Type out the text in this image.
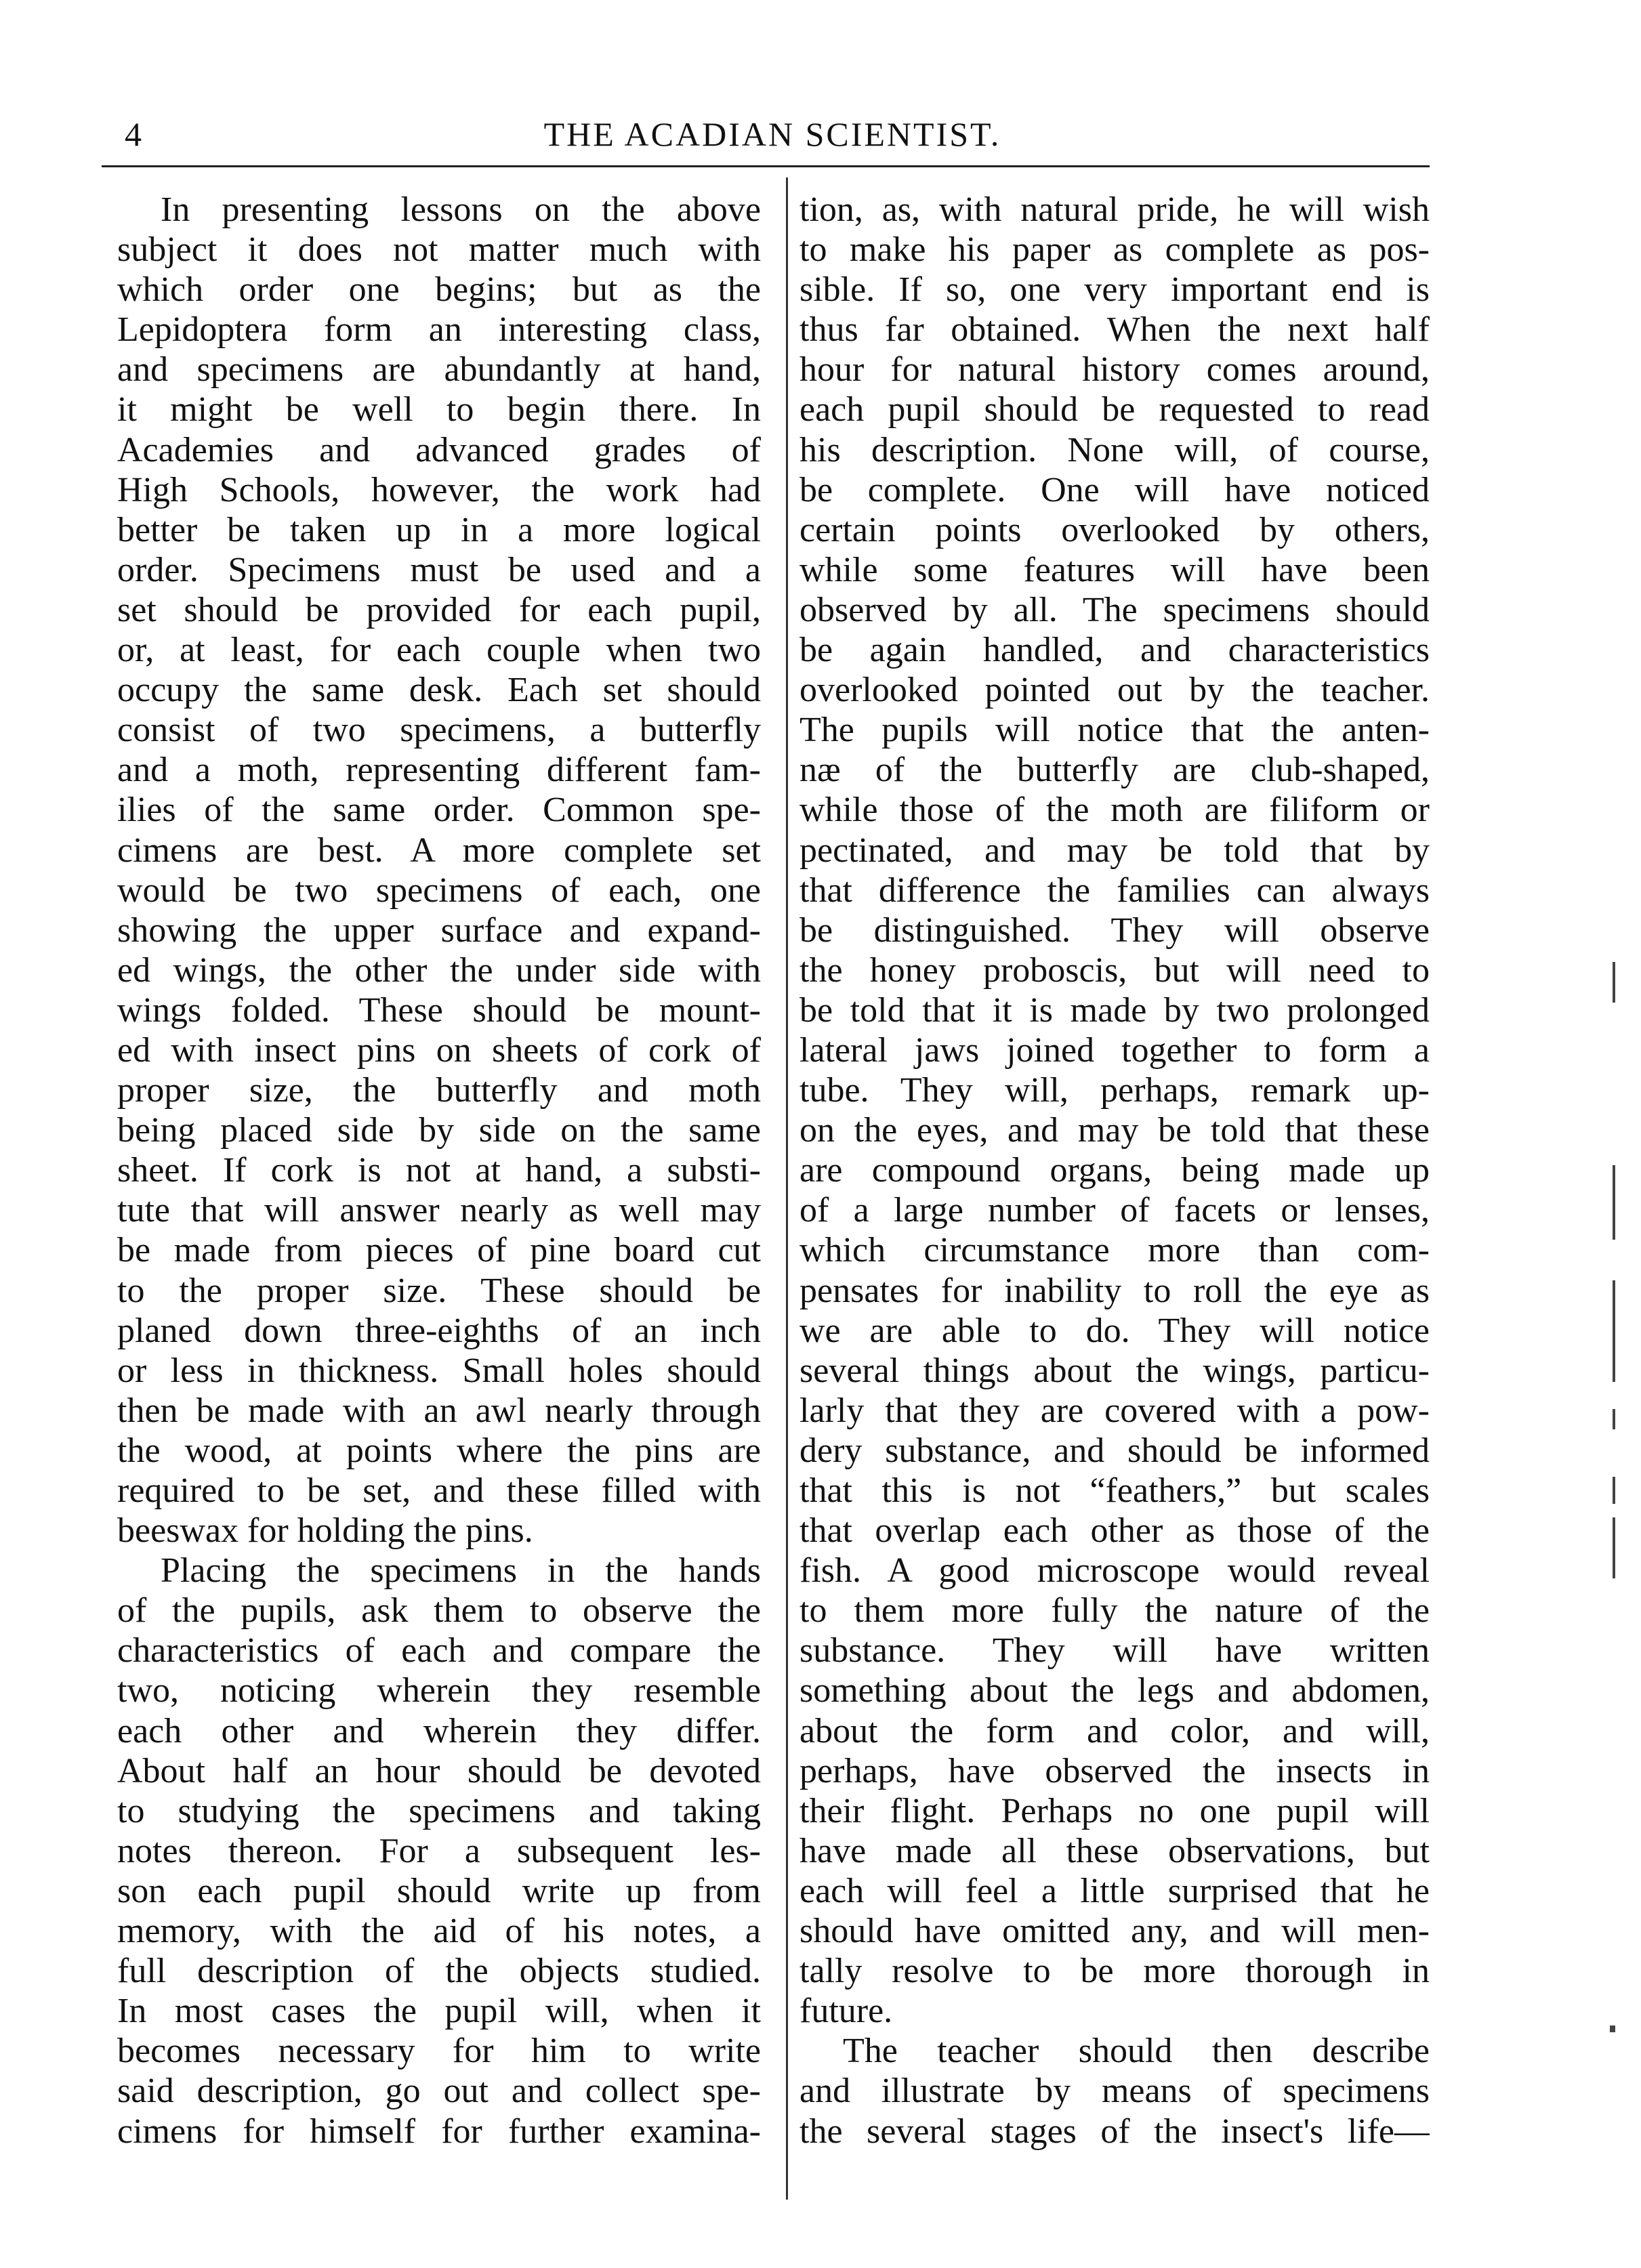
4	THE ACADIAN SCIENTIST.
In presenting lessons on the above
subject it does not matter much with
which order one begins; but as the
Lepidoptera form an interesting class,
and specimens are abundantly at hand,
it might be well to begin there. In
Academies and advanced grades of
High Schools, however, the work had
better be taken up in a more logical
order. Specimens must be used and a
set should be provided for each pupil,
or, at least, for each couple when two
occupy the same desk. Each set should
consist of two specimens, a butterfly
and a moth, representing different fam-
ilies of the same order. Common spe-
cimens are best. A more complete set
would be two specimens of each, one
showing the upper surface and expand-
ed wings, the other the under side with
wings folded. These should be mount-
ed with insect pins on sheets of cork of
proper size, the butterfly and moth
being placed side by side on the same
sheet. If cork is not at hand, a substi-
tute that will answer nearly as well may
be made from pieces of pine board cut
to the proper size. These should be
planed down three-eighths of an inch
or less in thickness. Small holes should
then be made with an awl nearly through
the wood, at points where the pins are
required to be set, and these filled with
beeswax for holding the pins.
Placing the specimens in the hands
of the pupils, ask them to observe the
characteristics of each and compare the
two, noticing wherein they resemble
each other and wherein they differ.
About half an hour should be devoted
to studying the specimens and taking
notes thereon. For a subsequent les-
son each pupil should write up from
memory, with the aid of his notes, a
full description of the objects studied.
In most cases the pupil will, when it
becomes necessary for him to write
said description, go out and collect spe-
cimens for himself for further examina-
tion, as, with natural pride, he will wish
to make his paper as complete as pos-
sible. If so, one very important end is
thus far obtained. When the next half
hour for natural history comes around,
each pupil should be requested to read
his description. None will, of course,
be complete. One will have noticed
certain points overlooked by others,
while some features will have been
observed by all. The specimens should
be again handled, and characteristics
overlooked pointed out by the teacher.
The pupils will notice that the anten-
næ of the butterfly are club-shaped,
while those of the moth are filiform or
pectinated, and may be told that by
that difference the families can always
be distinguished. They will observe
the honey proboscis, but will need to
be told that it is made by two prolonged
lateral jaws joined together to form a
tube. They will, perhaps, remark up-
on the eyes, and may be told that these
are compound organs, being made up
of a large number of facets or lenses,
which circumstance more than com-
pensates for inability to roll the eye as
we are able to do. They will notice
several things about the wings, particu-
larly that they are covered with a pow-
dery substance, and should be informed
that this is not “feathers,” but scales
that overlap each other as those of the
fish. A good microscope would reveal
to them more fully the nature of the
substance. They will have written
something about the legs and abdomen,
about the form and color, and will,
perhaps, have observed the insects in
their flight. Perhaps no one pupil will
have made all these observations, but
each will feel a little surprised that he
should have omitted any, and will men-
tally resolve to be more thorough in
future.
The teacher should then describe
and illustrate by means of specimens
the several stages of the insect's life—
